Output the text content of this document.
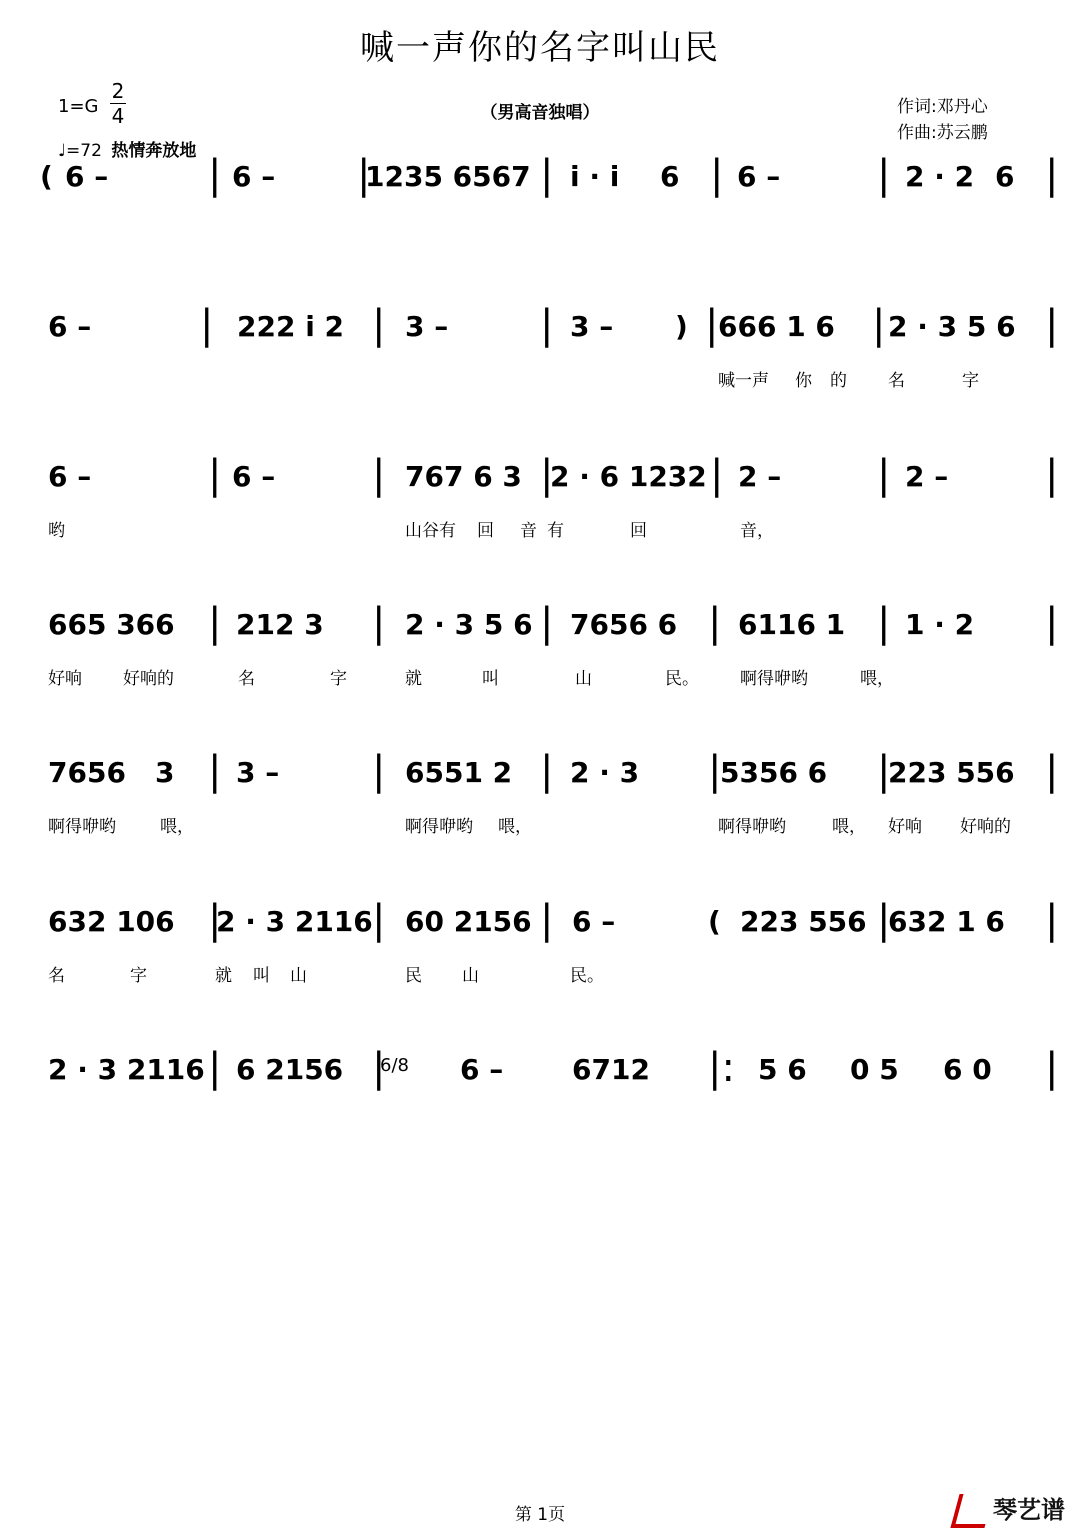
喊一声你的名字叫山民
1=G
2
4
♩=72 热情奔放地
（男高音独唱）	作词:邓丹心
作曲:苏云鹏
( 6 – | 6 – |
1235 6567 | i · i 6 | 6 – | 2 · 2 6 |
6 –	| 222 i 2 | 3 – | 3 – ) | 666 1 6 | 2 · 3 5 6 |
喊一声 你 的 名	字
6 –	| 6 – | 767 6 3 |
2 · 6 1232 | 2 – | 2 – |
哟	山谷有 回 音 有	回	音，
665 366 | 212 3 | 2 · 3 5 6 | 7656 6 | 6116 1 | 1 · 2 |
好响 好响的	名	字	就	叫	山	民。 啊得咿哟	喂，
7656 3 | 3 – | 6551 2 | 2 · 3 |
5356 6 |
223 556 |
啊得咿哟	喂，	啊得咿哟 喂，	啊得咿哟	喂， 好响 好响的
632 106 |
2 · 3 2116 | 60 2156 | 6 –	( 223 556 |
632 1 6 |
名	字	就 叫 山	民 山	民。
2 · 3 2116 | 6 2156 |
6/8 6 – 6712 |: 5 6 0 5 6 0 |
第 1页	琴艺谱
